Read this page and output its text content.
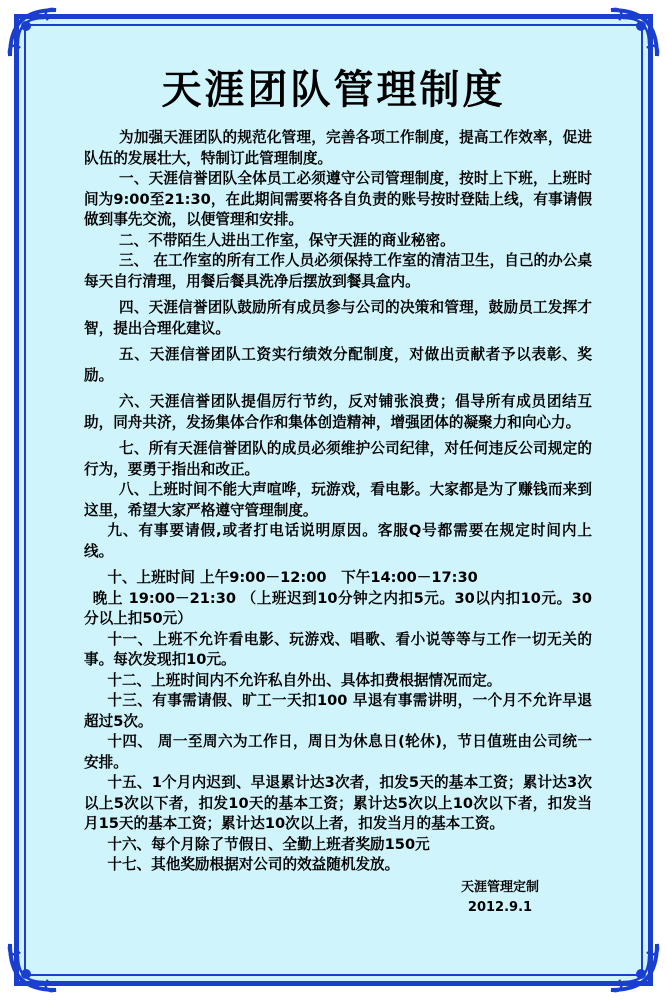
天涯团队管理制度

为加强天涯团队的规范化管理，完善各项工作制度，提高工作效率，促进队伍的发展壮大，特制订此管理制度。

一、天涯信誉团队全体员工必须遵守公司管理制度，按时上下班，上班时间为9:00至21:30，在此期间需要将各自负责的账号按时登陆上线，有事请假做到事先交流，以便管理和安排。

二、不带陌生人进出工作室，保守天涯的商业秘密。

三、 在工作室的所有工作人员必须保持工作室的清洁卫生，自己的办公桌每天自行清理，用餐后餐具洗净后摆放到餐具盒内。

四、天涯信誉团队鼓励所有成员参与公司的决策和管理，鼓励员工发挥才智，提出合理化建议。

五、天涯信誉团队工资实行绩效分配制度，对做出贡献者予以表彰、奖励。

六、天涯信誉团队提倡厉行节约，反对铺张浪费；倡导所有成员团结互助，同舟共济，发扬集体合作和集体创造精神，增强团体的凝聚力和向心力。

七、所有天涯信誉团队的成员必须维护公司纪律，对任何违反公司规定的行为，要勇于指出和改正。

八、上班时间不能大声喧哗，玩游戏，看电影。大家都是为了赚钱而来到这里，希望大家严格遵守管理制度。

九、有事要请假,或者打电话说明原因。客服Q号都需要在规定时间内上线。

十、上班时间 上午9:00－12:00　下午14:00－17:30

晚上 19:00－21:30 （上班迟到10分钟之内扣5元。30以内扣10元。30分以上扣50元）

十一、上班不允许看电影、玩游戏、唱歌、看小说等等与工作一切无关的事。每次发现扣10元。

十二、上班时间内不允许私自外出、具体扣费根据情况而定。

十三、有事需请假、旷工一天扣100 早退有事需讲明，一个月不允许早退超过5次。

十四、 周一至周六为工作日，周日为休息日(轮休)，节日值班由公司统一安排。

十五、1个月内迟到、早退累计达3次者，扣发5天的基本工资；累计达3次以上5次以下者，扣发10天的基本工资；累计达5次以上10次以下者，扣发当月15天的基本工资；累计达10次以上者，扣发当月的基本工资。

十六、每个月除了节假日、全勤上班者奖励150元

十七、其他奖励根据对公司的效益随机发放。

天涯管理定制
2012.9.1
